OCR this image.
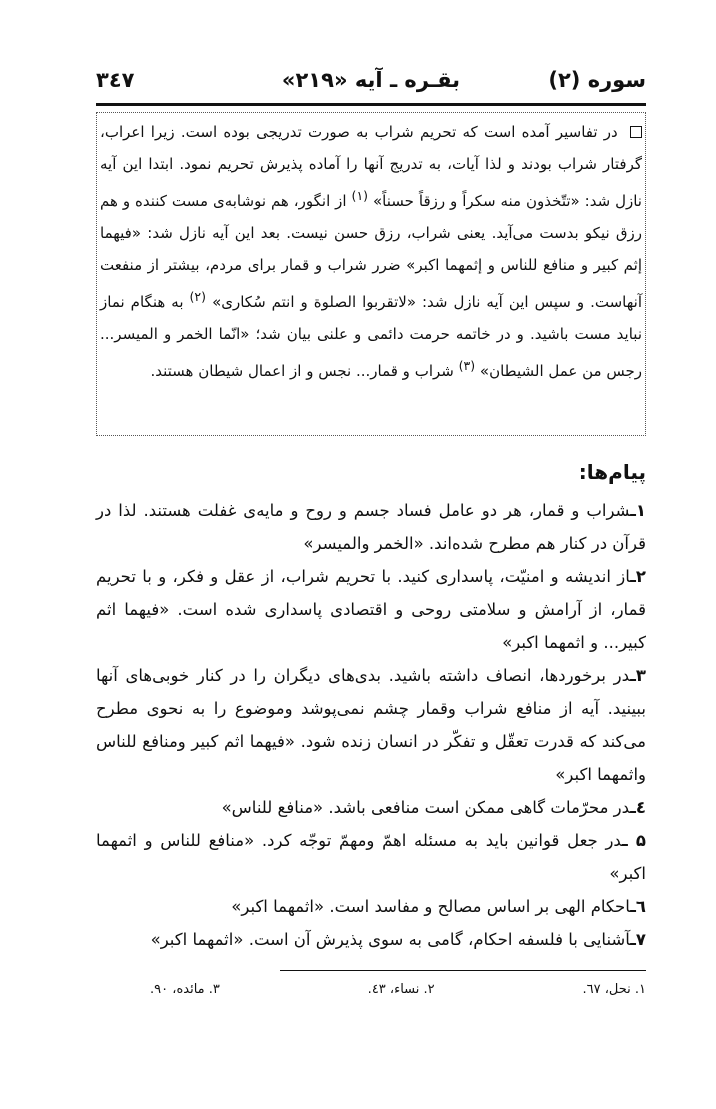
سوره (۲)
بقـره ـ آیه «۲۱۹»
۳٤۷
در تفاسیر آمده است که تحریم شراب به صورت تدریجی بوده است. زیرا اعراب، گرفتار شراب بودند و لذا آیات، به تدریج آنها را آماده پذیرش تحریم نمود. ابتدا این آیه نازل شد: «تتّخذون منه سکراً و رزقاً حسناً» $^{(۱)}$ از انگور، هم نوشابه‌ی مست کننده و هم رزق نیکو بدست می‌آید. یعنی شراب، رزق حسن نیست. بعد این آیه نازل شد: «فیهما إثم کبیر و منافع للناس و إثمهما اکبر» ضرر شراب و قمار برای مردم، بیشتر از منفعت آنهاست. و سپس این آیه نازل شد: «لاتقربوا الصلوة و انتم سُکاری» $^{(۲)}$ به هنگام نماز نباید مست باشید. و در خاتمه حرمت دائمی و علنی بیان شد؛ «انّما الخمر و المیسر... رجس من عمل الشیطان» $^{(۳)}$ شراب و قمار... نجس و از اعمال شیطان هستند.
پیام‌ها:

۱ـشراب و قمار، هر دو عامل فساد جسم و روح و مایه‌ی غفلت هستند. لذا در قرآن در کنار هم مطرح شده‌اند. «الخمر والمیسر»

۲ـاز اندیشه و امنیّت، پاسداری کنید. با تحریم شراب، از عقل و فکر، و با تحریم قمار، از آرامش و سلامتی روحی و اقتصادی پاسداری شده است. «فیهما اثم کبیر... و اثمهما اکبر»

۳ـدر برخوردها، انصاف داشته باشید. بدی‌های دیگران را در کنار خوبی‌های آنها ببینید. آیه از منافع شراب وقمار چشم نمی‌پوشد وموضوع را به نحوی مطرح می‌کند که قدرت تعقّل و تفکّر در انسان زنده شود. «فیهما اثم کبیر ومنافع للناس واثمهما اکبر»

٤ـدر محرّمات گاهی ممکن است منافعی باشد. «منافع للناس»

۵ ـدر جعل قوانین باید به مسئله اهمّ ومهمّ توجّه کرد. «منافع للناس و اثمهما اکبر»

٦ـاحکام الهی بر اساس مصالح و مفاسد است. «اثمهما اکبر»

۷ـآشنایی با فلسفه احکام، گامی به سوی پذیرش آن است. «اثمهما اکبر»

۱. نحل، ٦۷.
۲. نساء، ٤۳.
۳. مائده، ۹۰.
